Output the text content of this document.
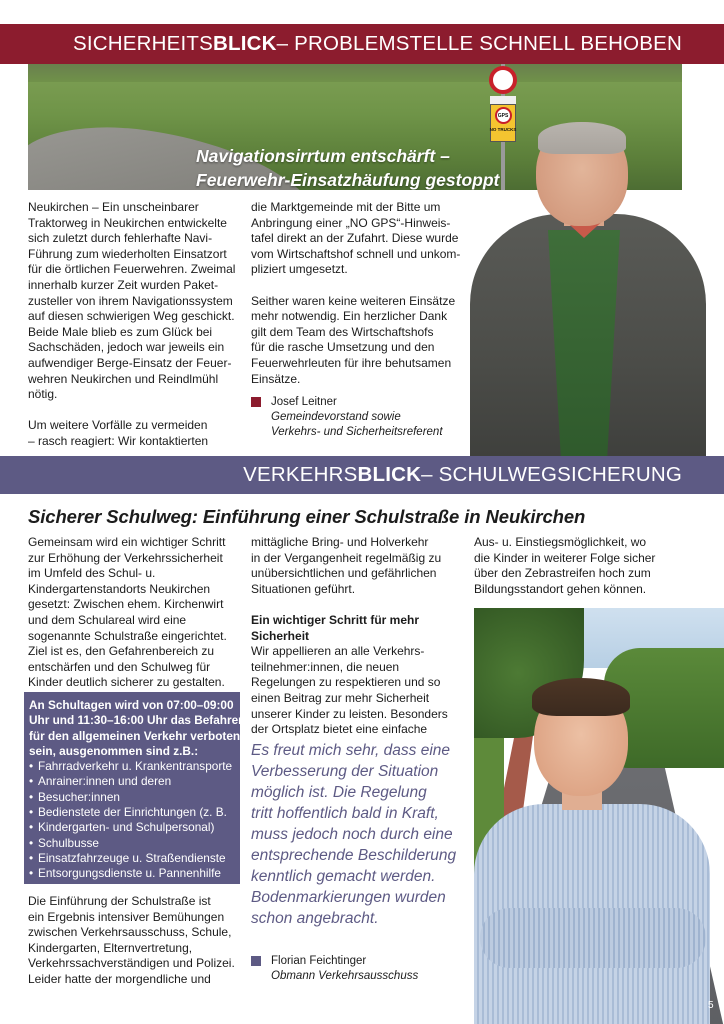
SICHERHEITS BLICK – PROBLEMSTELLE SCHNELL BEHOBEN
Navigationsirrtum entschärft –
Feuerwehr-Einsatzhäufung gestoppt
GPS
NO TRUCKS

Neukirchen – Ein unscheinbarer
Traktorweg in Neukirchen entwickelte
sich zuletzt durch fehlerhafte Navi-
Führung zum wiederholten Einsatzort
für die örtlichen Feuerwehren. Zweimal
innerhalb kurzer Zeit wurden Paket-
zusteller von ihrem Navigationssystem
auf diesen schwierigen Weg geschickt.
Beide Male blieb es zum Glück bei
Sachschäden, jedoch war jeweils ein
aufwendiger Berge-Einsatz der Feuer-
wehren Neukirchen und Reindlmühl
nötig.

Um weitere Vorfälle zu vermeiden
– rasch reagiert: Wir kontaktierten

die Marktgemeinde mit der Bitte um
Anbringung einer „NO GPS“-Hinweis-
tafel direkt an der Zufahrt. Diese wurde
vom Wirtschaftshof schnell und unkom-
pliziert umgesetzt.

Seither waren keine weiteren Einsätze
mehr notwendig. Ein herzlicher Dank
gilt dem Team des Wirtschaftshofs
für die rasche Umsetzung und den
Feuerwehrleuten für ihre behutsamen
Einsätze.

Josef Leitner
Gemeindevorstand sowie
Verkehrs- und Sicherheitsreferent
VERKEHRS BLICK – SCHULWEGSICHERUNG
Sicherer Schulweg: Einführung einer Schulstraße in Neukirchen

Gemeinsam wird ein wichtiger Schritt
zur Erhöhung der Verkehrssicherheit
im Umfeld des Schul- u.
Kindergartenstandorts Neukirchen
gesetzt: Zwischen ehem. Kirchenwirt
und dem Schulareal wird eine
sogenannte Schulstraße eingerichtet.
Ziel ist es, den Gefahrenbereich zu
entschärfen und den Schulweg für
Kinder deutlich sicherer zu gestalten.

An Schultagen wird von 07:00–09:00
Uhr und 11:30–16:00 Uhr das Befahren
für den allgemeinen Verkehr verboten
sein, ausgenommen sind z.B.:
• Fahrradverkehr u. Krankentransporte
• Anrainer:innen und deren
• Besucher:innen
• Bedienstete der Einrichtungen (z. B.
• Kindergarten- und Schulpersonal)
• Schulbusse
• Einsatzfahrzeuge u. Straßendienste
• Entsorgungsdienste u. Pannenhilfe

Die Einführung der Schulstraße ist
ein Ergebnis intensiver Bemühungen
zwischen Verkehrsausschuss, Schule,
Kindergarten, Elternvertretung,
Verkehrssachverständigen und Polizei.
Leider hatte der morgendliche und

mittägliche Bring- und Holverkehr
in der Vergangenheit regelmäßig zu
unübersichtlichen und gefährlichen
Situationen geführt.

Ein wichtiger Schritt für mehr
Sicherheit
Wir appellieren an alle Verkehrs-
teilnehmer:innen, die neuen
Regelungen zu respektieren und so
einen Beitrag zur mehr Sicherheit
unserer Kinder zu leisten. Besonders
der Ortsplatz bietet eine einfache

Es freut mich sehr, dass eine
Verbesserung der Situation
möglich ist. Die Regelung
tritt hoffentlich bald in Kraft,
muss jedoch noch durch eine
entsprechende Beschilderung
kenntlich gemacht werden.
Bodenmarkierungen wurden
schon angebracht.
Florian Feichtinger
Obmann Verkehrsausschuss

Aus- u. Einstiegsmöglichkeit, wo
die Kinder in weiterer Folge sicher
über den Zebrastreifen hoch zum
Bildungsstandort gehen können.

5
